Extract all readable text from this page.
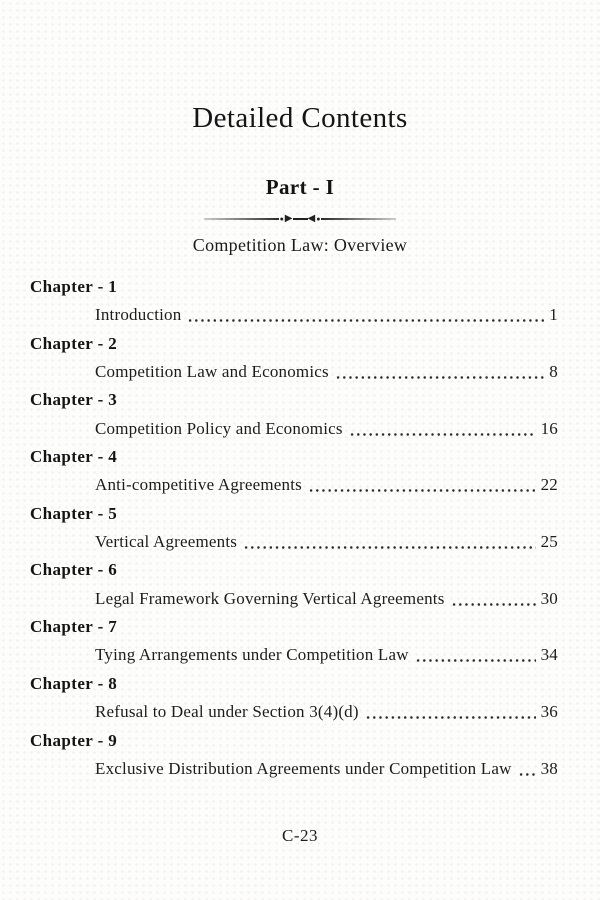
Detailed Contents
Part - I
● ▶ ◀ ●
Competition Law: Overview
Chapter - 1
Introduction	1
Chapter - 2
Competition Law and Economics	8
Chapter - 3
Competition Policy and Economics	16
Chapter - 4
Anti-competitive Agreements	22
Chapter - 5
Vertical Agreements	25
Chapter - 6
Legal Framework Governing Vertical Agreements	30
Chapter - 7
Tying Arrangements under Competition Law	34
Chapter - 8
Refusal to Deal under Section 3(4)(d)	36
Chapter - 9
Exclusive Distribution Agreements under Competition Law 38
C-23
